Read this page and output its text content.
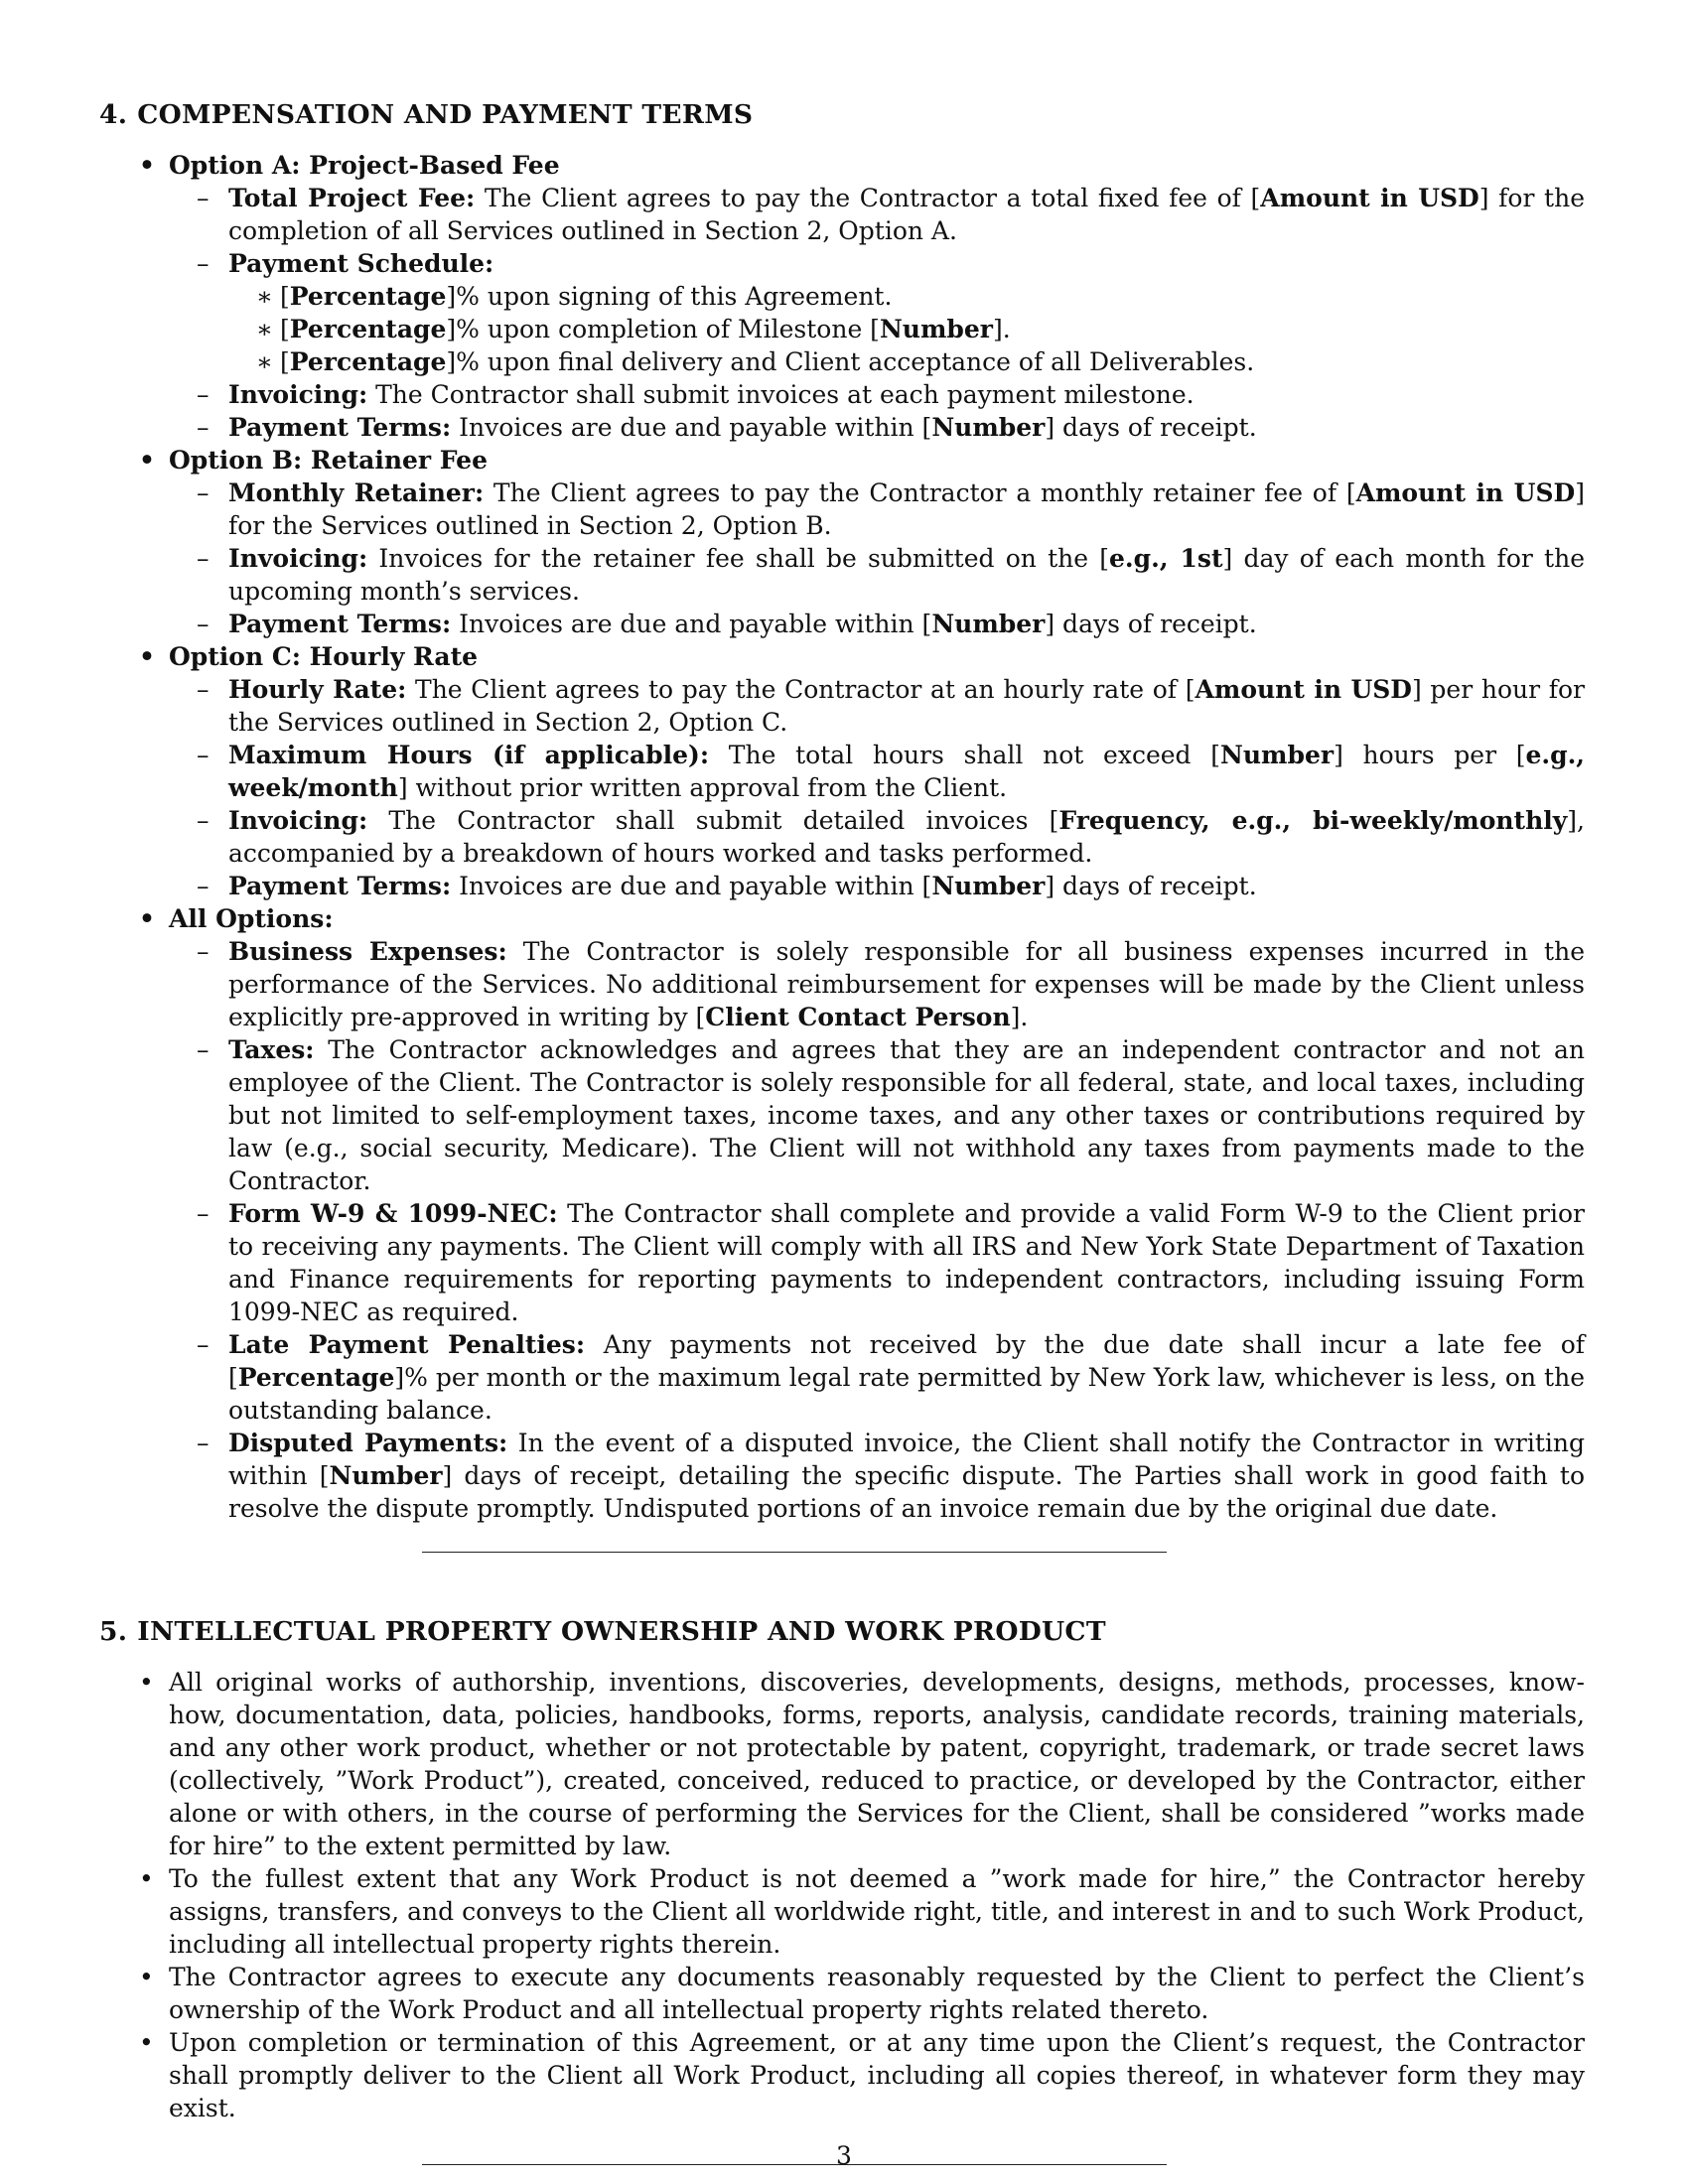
4. COMPENSATION AND PAYMENT TERMS
• Option A: Project-Based Fee
– Total Project Fee: The Client agrees to pay the Contractor a total fixed fee of [Amount in USD] for the completion of all Services outlined in Section 2, Option A.
– Payment Schedule:
∗ [Percentage]% upon signing of this Agreement.
∗ [Percentage]% upon completion of Milestone [Number].
∗ [Percentage]% upon final delivery and Client acceptance of all Deliverables.
– Invoicing: The Contractor shall submit invoices at each payment milestone.
– Payment Terms: Invoices are due and payable within [Number] days of receipt.
• Option B: Retainer Fee
– Monthly Retainer: The Client agrees to pay the Contractor a monthly retainer fee of [Amount in USD] for the Services outlined in Section 2, Option B.
– Invoicing: Invoices for the retainer fee shall be submitted on the [e.g., 1st] day of each month for the upcoming month’s services.
– Payment Terms: Invoices are due and payable within [Number] days of receipt.
• Option C: Hourly Rate
– Hourly Rate: The Client agrees to pay the Contractor at an hourly rate of [Amount in USD] per hour for the Services outlined in Section 2, Option C.
– Maximum Hours (if applicable): The total hours shall not exceed [Number] hours per [e.g., week/month] without prior written approval from the Client.
– Invoicing: The Contractor shall submit detailed invoices [Frequency, e.g., bi-weekly/monthly], accompanied by a breakdown of hours worked and tasks performed.
– Payment Terms: Invoices are due and payable within [Number] days of receipt.
• All Options:
– Business Expenses: The Contractor is solely responsible for all business expenses incurred in the performance of the Services. No additional reimbursement for expenses will be made by the Client unless explicitly pre-approved in writing by [Client Contact Person].
– Taxes: The Contractor acknowledges and agrees that they are an independent contractor and not an employee of the Client. The Contractor is solely responsible for all federal, state, and local taxes, including but not limited to self-employment taxes, income taxes, and any other taxes or contributions required by law (e.g., social security, Medicare). The Client will not withhold any taxes from payments made to the Contractor.
– Form W-9 & 1099-NEC: The Contractor shall complete and provide a valid Form W-9 to the Client prior to receiving any payments. The Client will comply with all IRS and New York State Department of Taxation and Finance requirements for reporting payments to independent contractors, including issuing Form 1099-NEC as required.
– Late Payment Penalties: Any payments not received by the due date shall incur a late fee of [Percentage]% per month or the maximum legal rate permitted by New York law, whichever is less, on the outstanding balance.
– Disputed Payments: In the event of a disputed invoice, the Client shall notify the Contractor in writing within [Number] days of receipt, detailing the specific dispute. The Parties shall work in good faith to resolve the dispute promptly. Undisputed portions of an invoice remain due by the original due date.
5. INTELLECTUAL PROPERTY OWNERSHIP AND WORK PRODUCT
• All original works of authorship, inventions, discoveries, developments, designs, methods, processes, know-how, documentation, data, policies, handbooks, forms, reports, analysis, candidate records, training materials, and any other work product, whether or not protectable by patent, copyright, trademark, or trade secret laws (collectively, ”Work Product”), created, conceived, reduced to practice, or developed by the Contractor, either alone or with others, in the course of performing the Services for the Client, shall be considered ”works made for hire” to the extent permitted by law.
• To the fullest extent that any Work Product is not deemed a ”work made for hire,” the Contractor hereby assigns, transfers, and conveys to the Client all worldwide right, title, and interest in and to such Work Product, including all intellectual property rights therein.
• The Contractor agrees to execute any documents reasonably requested by the Client to perfect the Client’s ownership of the Work Product and all intellectual property rights related thereto.
• Upon completion or termination of this Agreement, or at any time upon the Client’s request, the Contractor shall promptly deliver to the Client all Work Product, including all copies thereof, in whatever form they may exist.
3
